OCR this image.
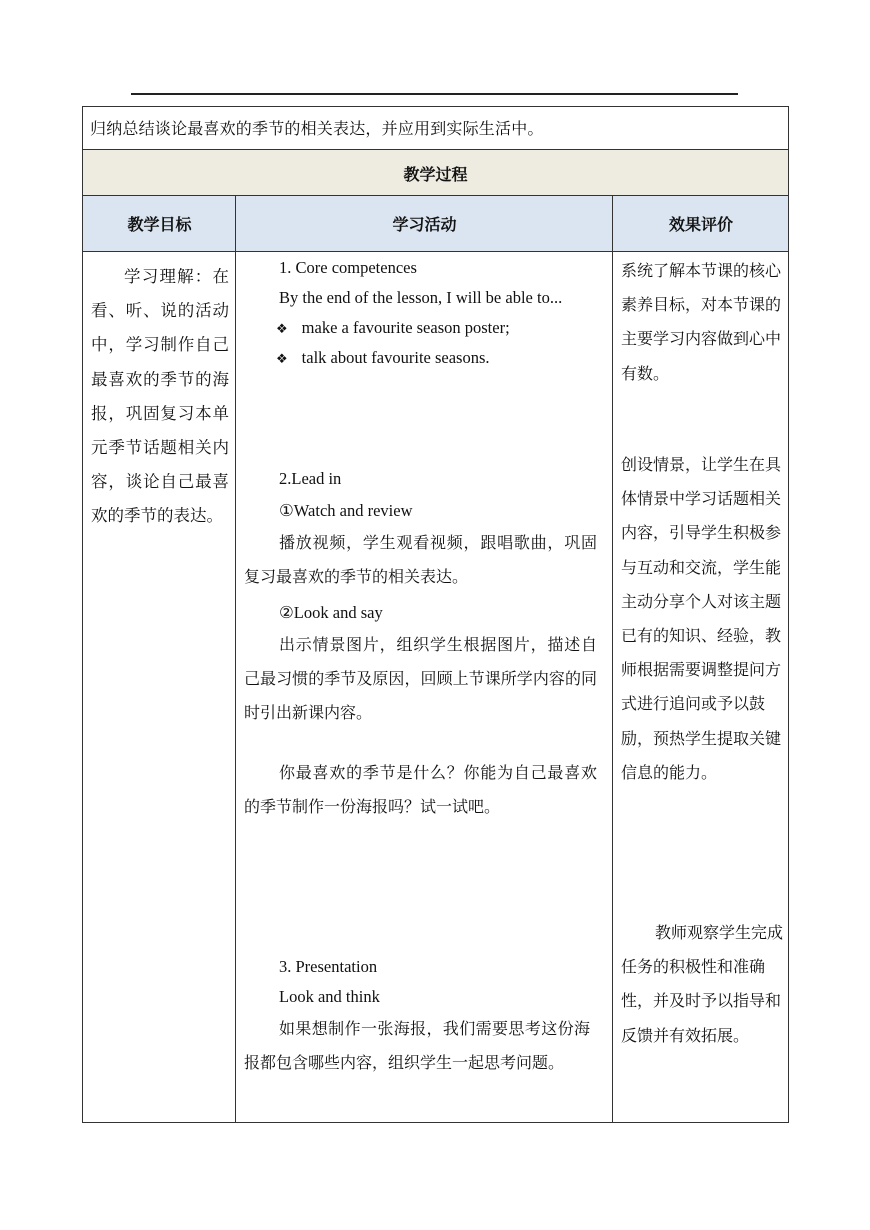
归纳总结谈论最喜欢的季节的相关表达，并应用到实际生活中。
教学过程
教学目标	学习活动	效果评价
学习理解：在看、听、说的活动中，学习制作自己最喜欢的季节的海报，巩固复习本单元季节话题相关内容，谈论自己最喜欢的季节的表达。
1. Core competences
By the end of the lesson, I will be able to...
❖ make a favourite season poster;
❖ talk about favourite seasons.
2.Lead in
①Watch and review
播放视频，学生观看视频，跟唱歌曲，巩固复习最喜欢的季节的相关表达。
②Look and say
出示情景图片，组织学生根据图片，描述自己最习惯的季节及原因，回顾上节课所学内容的同时引出新课内容。
你最喜欢的季节是什么？你能为自己最喜欢的季节制作一份海报吗？试一试吧。
3. Presentation
Look and think
如果想制作一张海报，我们需要思考这份海报都包含哪些内容，组织学生一起思考问题。
系统了解本节课的核心素养目标，对本节课的主要学习内容做到心中有数。
创设情景，让学生在具体情景中学习话题相关内容，引导学生积极参与互动和交流，学生能主动分享个人对该主题已有的知识、经验，教师根据需要调整提问方式进行追问或予以鼓励，预热学生提取关键信息的能力。
教师观察学生完成任务的积极性和准确性，并及时予以指导和反馈并有效拓展。
